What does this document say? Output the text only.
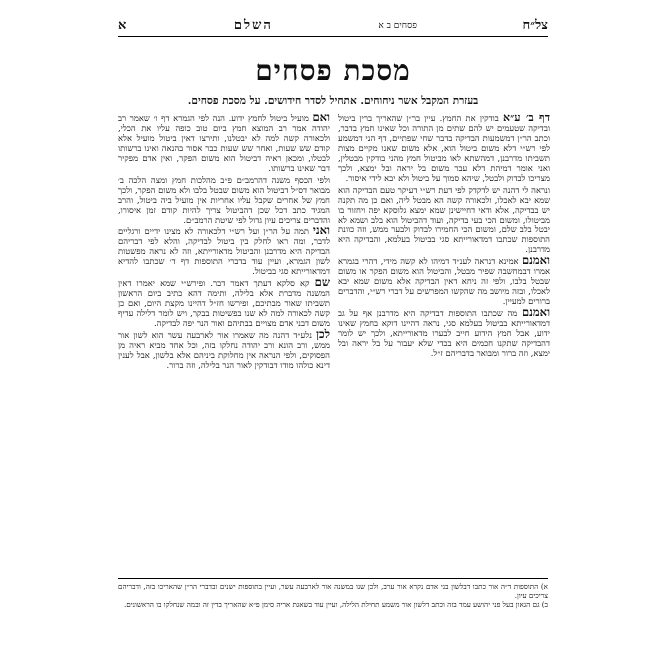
צל״ח
פסחים ב א
השלם
א
מסכת פסחים
בעזרת המקבל אשר ניחוחים. אתחיל לסדר חידושים. על מסכת פסחים.

דף ב׳ ע״א בודקין את החמץ. עיין בר״ן שהאריך ברין ביטול ובדיקה שטעמים יש להם שתים מן התורה וכל שאינו חמץ בדבר, וכתב הר״ן דמשמעות הבדיקה בדבר שחי שפתיים, דף הני דמשמע לפי רש״י דלא משום ביטול הוא, אלא משום שאנו מקיים מצות תשביתו מדרבנן, דמהשתא לאו מביטול חמץ מהני בודקין מבטלין, ואני אומר דמיהת דלא עבר משום בל יראה ובל ימצא, ולכך מצריכו לבדוק ולבטל, שיהא סמוך על ביטול ולא יבא לידי איסור.

ונראה לי דהנה יש לדקדק לפי דעת רש״י דעיקר טעם הבדיקה הוא שמא יבא לאכלו, ולכאורה קשה הא מבטל ליה, ואם כן מה תקנה יש בבדיקה, אלא ודאי דחיישינן שמא ימצא גלוסקא יפה ויחזור בו מביטולו, ומשום הכי בעי בדיקה, ועוד דהביטול הוא בלב ושמא לא יבטל בלב שלם, ומשום הכי החמירו לבדוק ולבער ממש, וזה כוונת התוספות שכתבו דמדאורייתא סגי בביטול בעלמא, והבדיקה היא מדרבנן.

ואמנם אמינא דנראה לענ״ד דמיהו לא קשה מידי, דהרי בגמרא אמרו דבמחשבה שפיר מבטל, והביטול הוא משום הפקר או משום שבטל בלבו, ולפי זה ניחא דאין הבדיקה אלא משום שמא יבא לאכלו, ובזה מיושב מה שהקשו המפרשים על דברי רש״י, והדברים ברורים למעיין.

ואמנם מה שכתבו התוספות דבדיקה היא מדרבנן אף על גב דמדאורייתא בביטול בעלמא סגי, נראה דהיינו דוקא בחמץ שאינו ידוע, אבל חמץ הידוע חייב לבערו מדאורייתא, ולכך יש לומר דהבדיקה שתקנו חכמים היא בכדי שלא יעבור על בל יראה ובל ימצא, וזה ברור ומבואר בדבריהם ז״ל.

ואם מועיל ביטול לחמץ ידוע. הנה לפי הגמרא דף ו׳ שאמר רב יהודה אמר רב המוצא חמץ ביום טוב כופה עליו את הכלי, ולכאורה קשה למה לא יבטלנו, ותירצו דאין ביטול מועיל אלא קודם שש שעות, ואחר שש שעות כבר אסור בהנאה ואינו ברשותו לבטלו, ומכאן ראיה דביטול הוא משום הפקר, ואין אדם מפקיר דבר שאינו ברשותו.

ולפי הכסף משנה דהרמב״ם פ״ב מהלכות חמץ ומצה הלכה ב׳ מבואר דס״ל דביטול הוא משום שבטל בלבו ולא משום הפקר, ולכך חמץ של אחרים שקבל עליו אחריות אין מועיל ביה ביטול, והרב המגיד כתב דכל שכן דהביטול צריך להיות קודם זמן איסורו, והדברים צריכים עיון גדול לפי שיטת הרמב״ם.

ואני תמה על הר״ן ועל רש״י דלכאורה לא מצינו ידיים ורגליים לדבר, ומה ראו לחלק בין ביטול לבדיקה, והלא לפי דבריהם הבדיקה היא מדרבנן והביטול מדאורייתא, וזה לא נראה מפשטות לשון הגמרא, ועיין עוד בדברי התוספות דף ד׳ שכתבו להדיא דמדאורייתא סגי בביטול.

שם קא סלקא דעתך דאמר דבר. ופירש״י שמא יאמרו דאין המשנה מדברת אלא בלילה, ותימה דהא כתיב ביום הראשון תשביתו שאור מבתיכם, ופירשו חז״ל דהיינו מקצת היום, ואם כן קשה לכאורה למה לא שנו בפשיטות בבקר, ויש לומר דלילה עדיף משום דבני אדם מצויים בבתיהם ואור הנר יפה לבדיקה.

לכן נלע״ד דהנה מה שאמרו אור לארבעה עשר הוא לשון אור ממש, ורב הונא ורב יהודה נחלקו בזה, וכל אחד מביא ראיה מן הפסוקים, ולפי הנראה אין מחלוקת ביניהם אלא בלשון, אבל לענין דינא כולהו מודו דבודקין לאור הנר בלילה, וזה ברור.

א) התוספות ד״ה אור כתבו דבלשון בני אדם נקרא אור ערב, ולכן שנו במשנה אור לארבעה עשר, ועיין בתוספות ישנים ובדברי הר״ן שהאריכו בזה, ודבריהם צריכים עיון.

ב) גם הגאון בעל פני יהושע עמד בזה וכתב דלשון אור משמע תחילת הלילה, ועיין עוד בשאגת אריה סימן פ״א שהאריך בדין זה ובמה שנחלקו בו הראשונים.
